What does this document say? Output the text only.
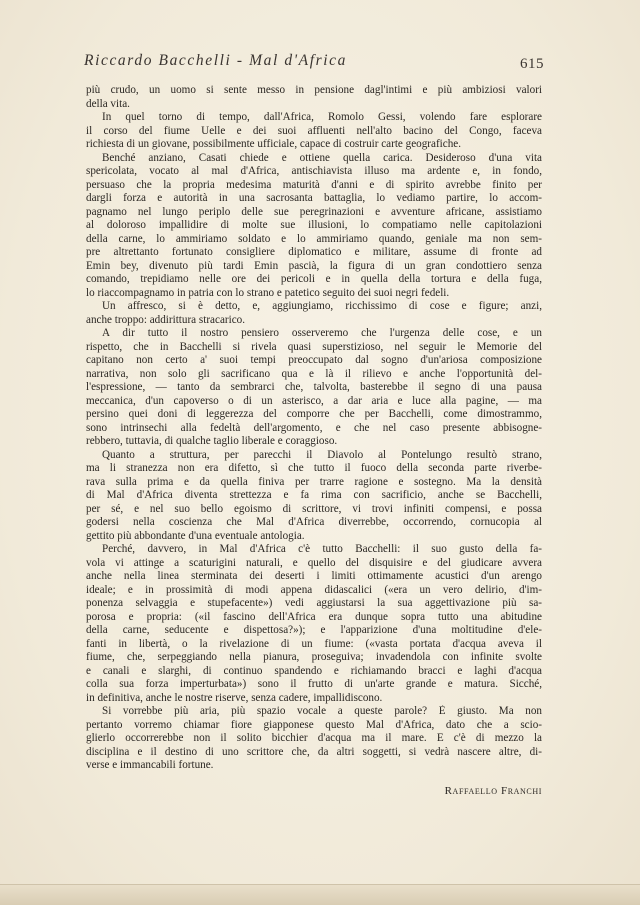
Riccardo Bacchelli - Mal d'Africa	615
più crudo, un uomo si sente messo in pensione dagl'intimi e più ambiziosi valori
della vita.
In quel torno di tempo, dall'Africa, Romolo Gessi, volendo fare esplorare
il corso del fiume Uelle e dei suoi affluenti nell'alto bacino del Congo, faceva
richiesta di un giovane, possibilmente ufficiale, capace di costruir carte geografiche.
Benché anziano, Casati chiede e ottiene quella carica. Desideroso d'una vita
spericolata, vocato al mal d'Africa, antischiavista illuso ma ardente e, in fondo,
persuaso che la propria medesima maturità d'anni e di spirito avrebbe finito per
dargli forza e autorità in una sacrosanta battaglia, lo vediamo partire, lo accom-
pagnamo nel lungo periplo delle sue peregrinazioni e avventure africane, assistiamo
al doloroso impallidire di molte sue illusioni, lo compatiamo nelle capitolazioni
della carne, lo ammiriamo soldato e lo ammiriamo quando, geniale ma non sem-
pre altrettanto fortunato consigliere diplomatico e militare, assume di fronte ad
Emin bey, divenuto più tardi Emin pascià, la figura di un gran condottiero senza
comando, trepidiamo nelle ore dei pericoli e in quella della tortura e della fuga,
lo riaccompagnamo in patria con lo strano e patetico seguito dei suoi negri fedeli.
Un affresco, si è detto, e, aggiungiamo, ricchissimo di cose e figure; anzi,
anche troppo: addirittura stracarico.
A dir tutto il nostro pensiero osserveremo che l'urgenza delle cose, e un
rispetto, che in Bacchelli si rivela quasi superstizioso, nel seguir le Memorie del
capitano non certo a' suoi tempi preoccupato dal sogno d'un'ariosa composizione
narrativa, non solo gli sacrificano qua e là il rilievo e anche l'opportunità del-
l'espressione, — tanto da sembrarci che, talvolta, basterebbe il segno di una pausa
meccanica, d'un capoverso o di un asterisco, a dar aria e luce alla pagine, — ma
persino quei doni di leggerezza del comporre che per Bacchelli, come dimostrammo,
sono intrinsechi alla fedeltà dell'argomento, e che nel caso presente abbisogne-
rebbero, tuttavia, di qualche taglio liberale e coraggioso.
Quanto a struttura, per parecchi il Diavolo al Pontelungo resultò strano,
ma li stranezza non era difetto, sì che tutto il fuoco della seconda parte riverbe-
rava sulla prima e da quella finiva per trarre ragione e sostegno. Ma la densità
di Mal d'Africa diventa strettezza e fa rima con sacrificio, anche se Bacchelli,
per sé, e nel suo bello egoismo di scrittore, vi trovi infiniti compensi, e possa
godersi nella coscienza che Mal d'Africa diverrebbe, occorrendo, cornucopia al
gettito più abbondante d'una eventuale antologia.
Perché, davvero, in Mal d'Africa c'è tutto Bacchelli: il suo gusto della fa-
vola vi attinge a scaturigini naturali, e quello del disquisire e del giudicare avvera
anche nella linea sterminata dei deserti i limiti ottimamente acustici d'un arengo
ideale; e in prossimità di modi appena didascalici («era un vero delirio, d'im-
ponenza selvaggia e stupefacente») vedi aggiustarsi la sua aggettivazione più sa-
porosa e propria: («il fascino dell'Africa era dunque sopra tutto una abitudine
della carne, seducente e dispettosa?»); e l'apparizione d'una moltitudine d'ele-
fanti in libertà, o la rivelazione di un fiume: («vasta portata d'acqua aveva il
fiume, che, serpeggiando nella pianura, proseguiva; invadendola con infinite svolte
e canali e slarghi, di continuo spandendo e richiamando bracci e laghi d'acqua
colla sua forza imperturbata») sono il frutto di un'arte grande e matura. Sicché,
in definitiva, anche le nostre riserve, senza cadere, impallidiscono.
Si vorrebbe più aria, più spazio vocale a queste parole? È giusto. Ma non
pertanto vorremo chiamar fiore giapponese questo Mal d'Africa, dato che a scio-
glierlo occorrerebbe non il solito bicchier d'acqua ma il mare. E c'è di mezzo la
disciplina e il destino di uno scrittore che, da altri soggetti, si vedrà nascere altre, di-
verse e immancabili fortune.
Raffaello Franchi
